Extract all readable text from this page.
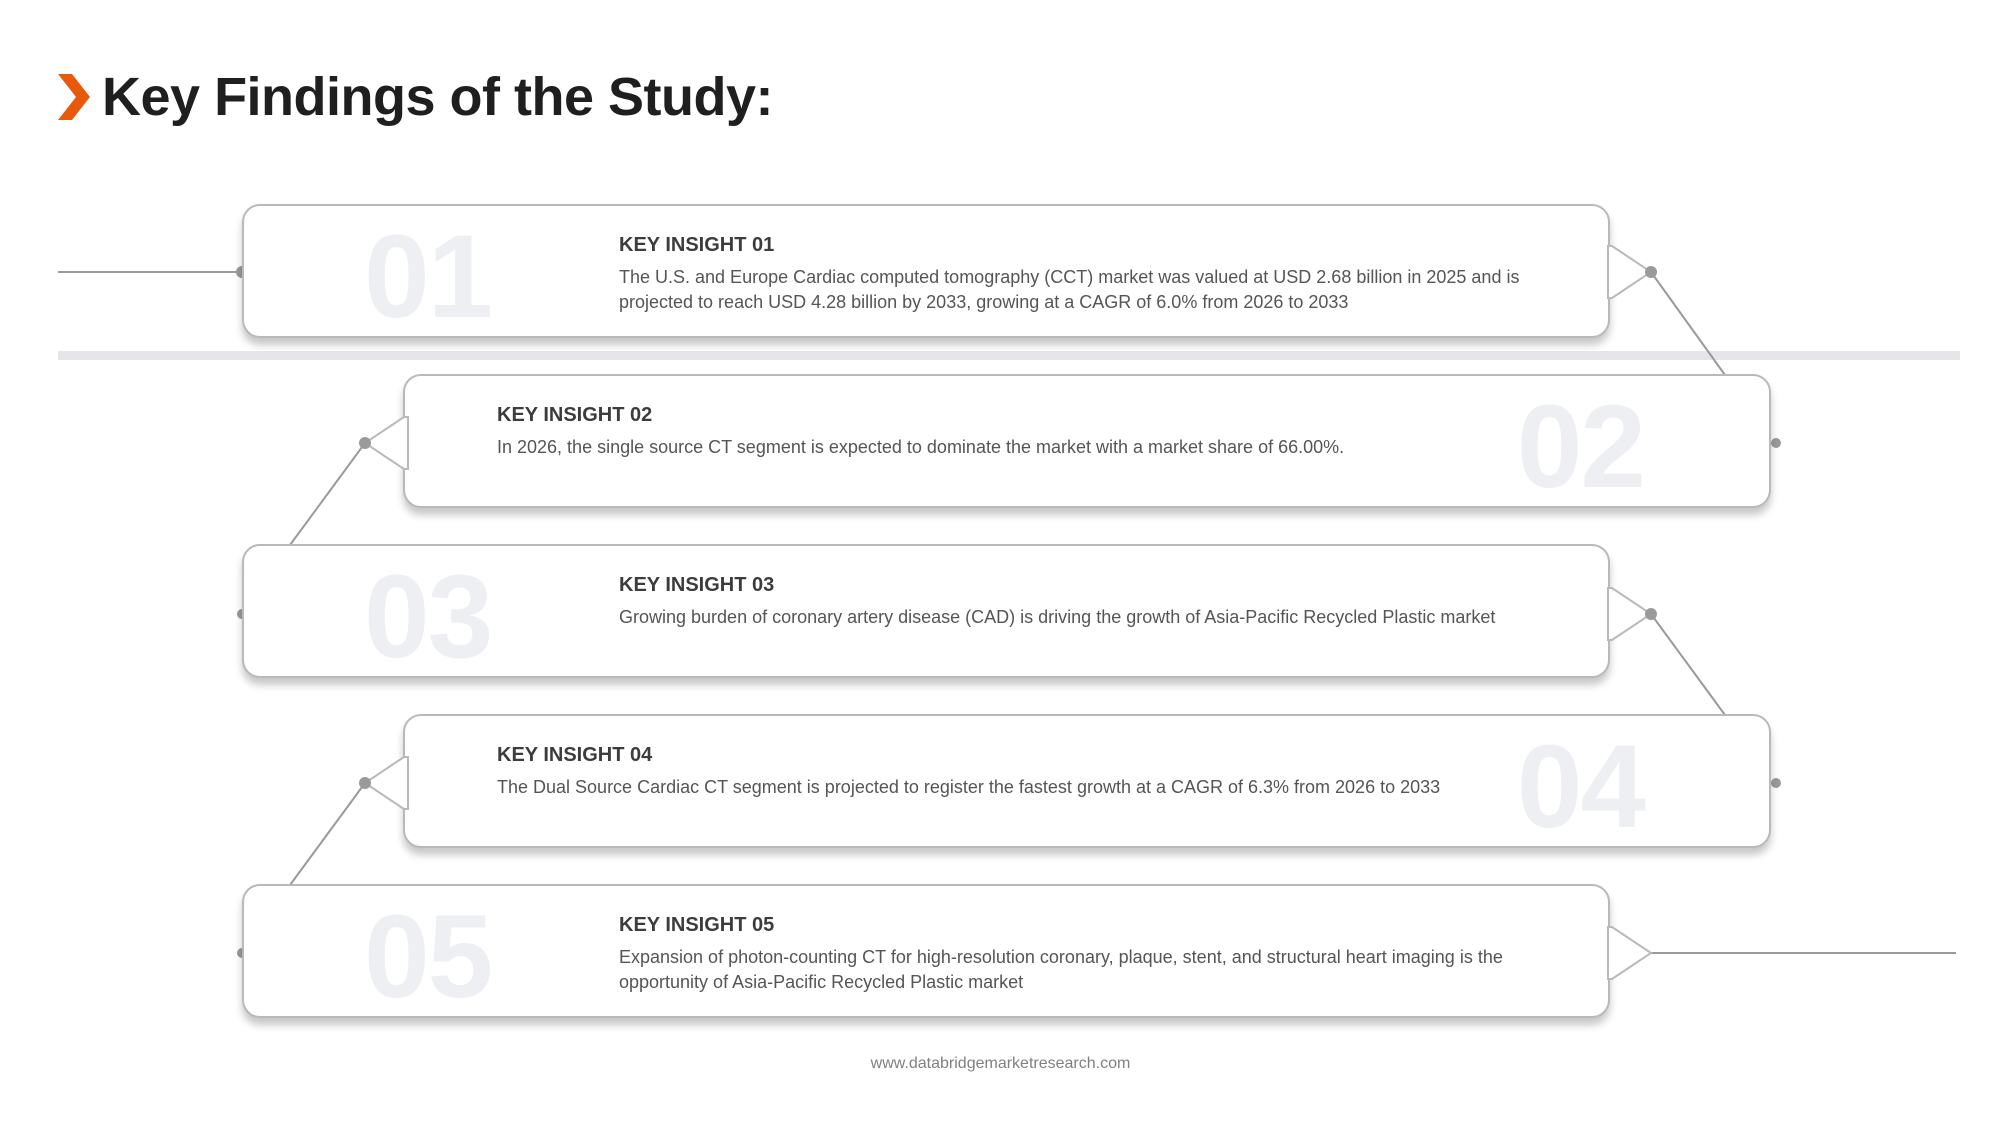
Key Findings of the Study:
01	KEY INSIGHT 01
The U.S. and Europe Cardiac computed tomography (CCT) market was valued at USD 2.68 billion in 2025 and is projected to reach USD 4.28 billion by 2033, growing at a CAGR of 6.0% from 2026 to 2033
02
KEY INSIGHT 02
In 2026, the single source CT segment is expected to dominate the market with a market share of 66.00%.
03	KEY INSIGHT 03
Growing burden of coronary artery disease (CAD) is driving the growth of Asia-Pacific Recycled Plastic market
04
KEY INSIGHT 04
The Dual Source Cardiac CT segment is projected to register the fastest growth at a CAGR of 6.3% from 2026 to 2033
05	KEY INSIGHT 05
Expansion of photon-counting CT for high-resolution coronary, plaque, stent, and structural heart imaging is the opportunity of Asia-Pacific Recycled Plastic market
www.databridgemarketresearch.com
